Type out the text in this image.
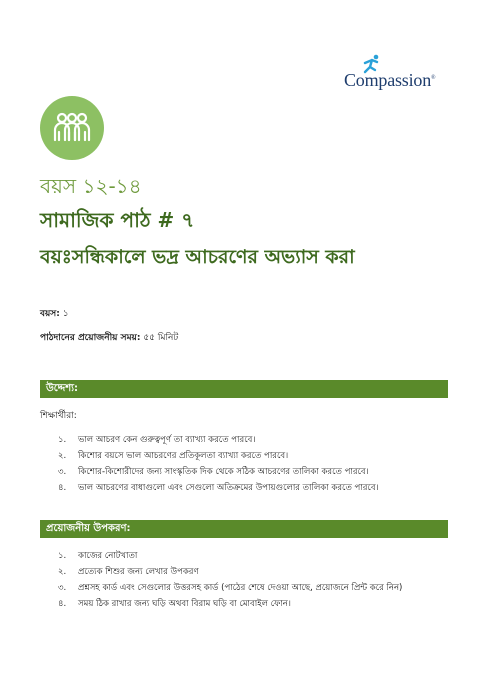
Compassion®
বয়স ১২-১৪
সামাজিক পাঠ # ৭
বয়ঃসন্ধিকালে ভদ্র আচরণের অভ্যাস করা
বয়স: ১
পাঠদানের প্রয়োজনীয় সময়: ৫৫ মিনিট
উদ্দেশ্য:
শিক্ষার্থীরা:
১. ভাল আচরণ কেন গুরুত্বপূর্ণ তা ব্যাখ্যা করতে পারবে।
২. কিশোর বয়সে ভাল আচরণের প্রতিকূলতা ব্যাখ্যা করতে পারবে।
৩. কিশোর-কিশোরীদের জন্য সাংস্কৃতিক দিক থেকে সঠিক আচরণের তালিকা করতে পারবে।
৪. ভাল আচরণের বাধাগুলো এবং সেগুলো অতিক্রমের উপায়গুলোর তালিকা করতে পারবে।
প্রয়োজনীয় উপকরণ:
১. কাজের নোটখাতা
২. প্রত্যেক শিশুর জন্য লেখার উপকরণ
৩. প্রশ্নসহ কার্ড এবং সেগুলোর উত্তরসহ কার্ড (পাঠের শেষে দেওয়া আছে, প্রয়োজনে প্রিন্ট করে নিন)
৪. সময় ঠিক রাখার জন্য ঘড়ি অথবা বিরাম ঘড়ি বা মোবাইল ফোন।
